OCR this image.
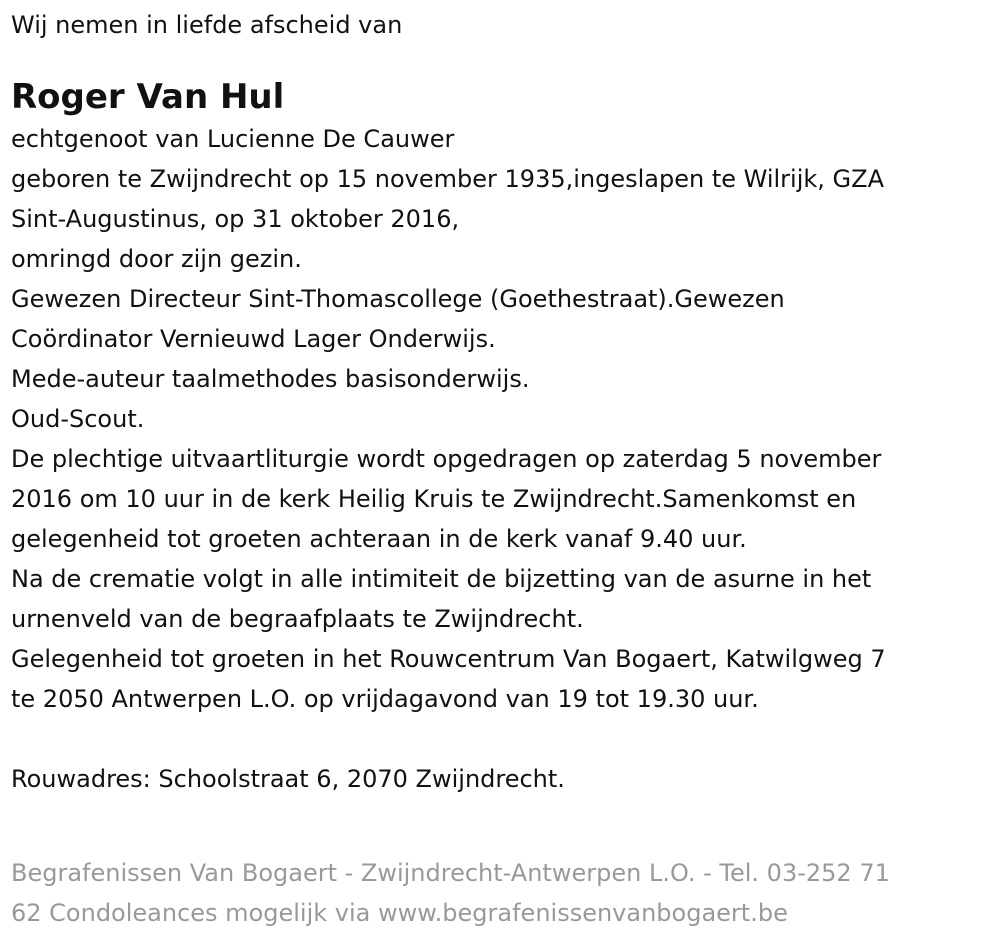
Wij nemen in liefde afscheid van

Roger Van Hul

echtgenoot van Lucienne De Cauwer

geboren te Zwijndrecht op 15 november 1935,ingeslapen te Wilrijk, GZA

Sint-Augustinus, op 31 oktober 2016,

omringd door zijn gezin.

Gewezen Directeur Sint-Thomascollege (Goethestraat).Gewezen

Coördinator Vernieuwd Lager Onderwijs.

Mede-auteur taalmethodes basisonderwijs.

Oud-Scout.

De plechtige uitvaartliturgie wordt opgedragen op zaterdag 5 november

2016 om 10 uur in de kerk Heilig Kruis te Zwijndrecht.Samenkomst en

gelegenheid tot groeten achteraan in de kerk vanaf 9.40 uur.

Na de crematie volgt in alle intimiteit de bijzetting van de asurne in het

urnenveld van de begraafplaats te Zwijndrecht.

Gelegenheid tot groeten in het Rouwcentrum Van Bogaert, Katwilgweg 7

te 2050 Antwerpen L.O. op vrijdagavond van 19 tot 19.30 uur.

Rouwadres: Schoolstraat 6, 2070 Zwijndrecht.

Begrafenissen Van Bogaert - Zwijndrecht-Antwerpen L.O. - Tel. 03-252 71

62 Condoleances mogelijk via www.begrafenissenvanbogaert.be
